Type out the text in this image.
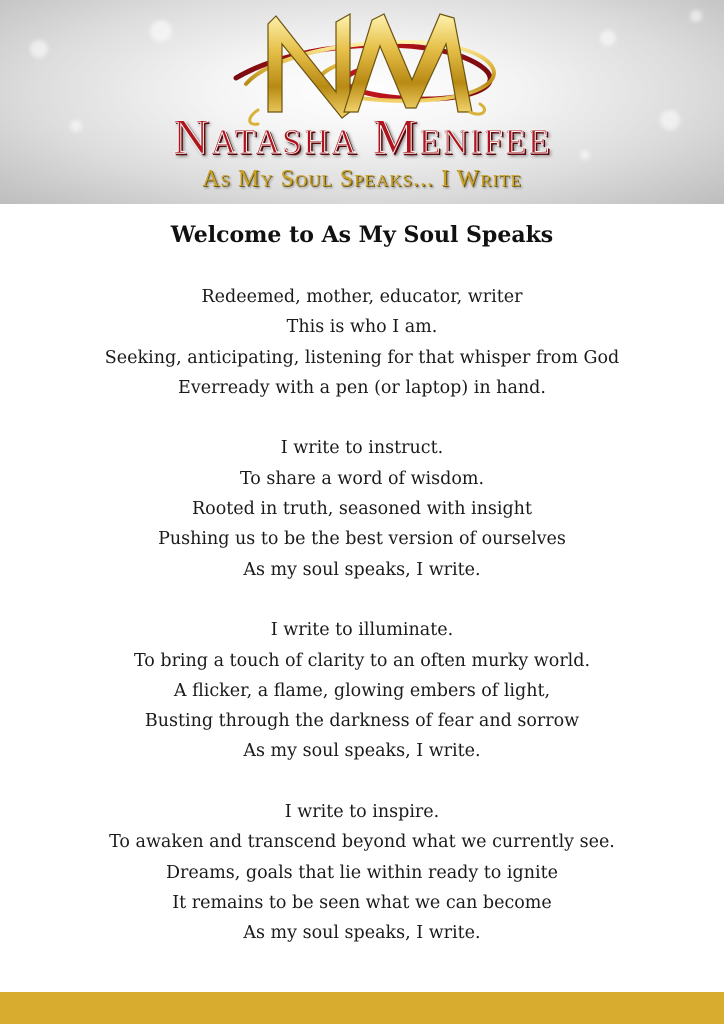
Natasha Menifee
As My Soul Speaks... I Write
Welcome to As My Soul Speaks

Redeemed, mother, educator, writer
This is who I am.
Seeking, anticipating, listening for that whisper from God
Everready with a pen (or laptop) in hand.

I write to instruct.
To share a word of wisdom.
Rooted in truth, seasoned with insight
Pushing us to be the best version of ourselves
As my soul speaks, I write.

I write to illuminate.
To bring a touch of clarity to an often murky world.
A flicker, a flame, glowing embers of light,
Busting through the darkness of fear and sorrow
As my soul speaks, I write.

I write to inspire.
To awaken and transcend beyond what we currently see.
Dreams, goals that lie within ready to ignite
It remains to be seen what we can become
As my soul speaks, I write.
